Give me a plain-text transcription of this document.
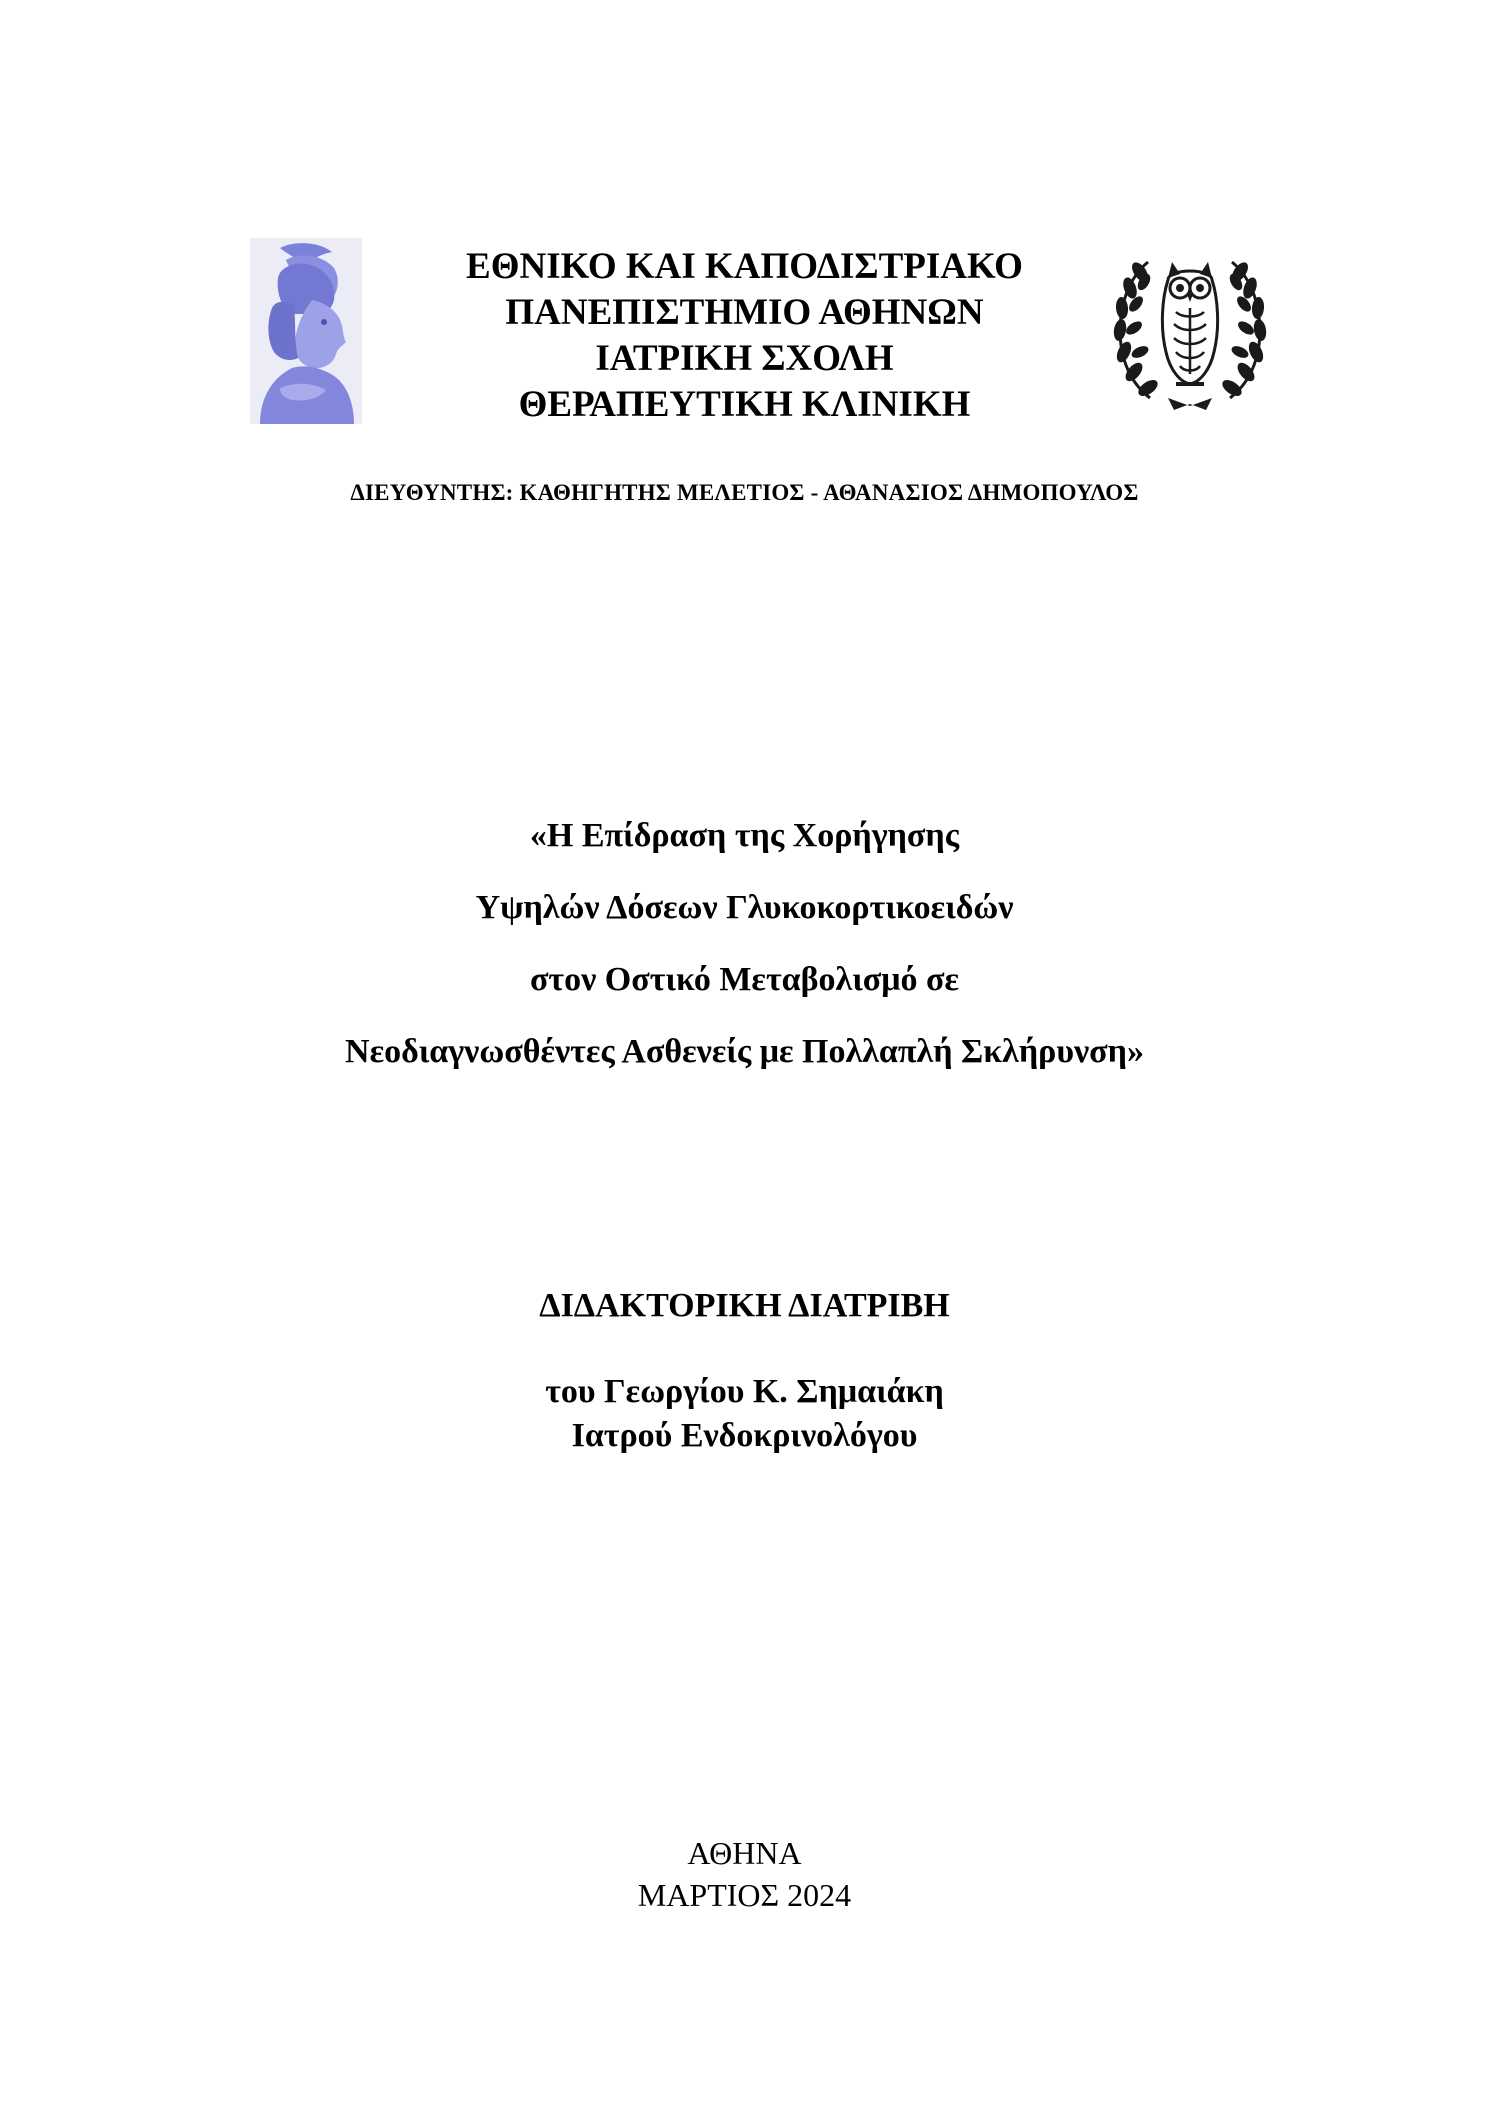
ΕΘΝΙΚΟ ΚΑΙ ΚΑΠΟΔΙΣΤΡΙΑΚΟ

ΠΑΝΕΠΙΣΤΗΜΙΟ ΑΘΗΝΩΝ

ΙΑΤΡΙΚΗ ΣΧΟΛΗ

ΘΕΡΑΠΕΥΤΙΚΗ ΚΛΙΝΙΚΗ

ΔΙΕΥΘΥΝΤΗΣ: ΚΑΘΗΓΗΤΗΣ ΜΕΛΕΤΙΟΣ - ΑΘΑΝΑΣΙΟΣ ΔΗΜΟΠΟΥΛΟΣ

«Η Επίδραση της Χορήγησης

Υψηλών Δόσεων Γλυκοκορτικοειδών

στον Οστικό Μεταβολισμό σε

Νεοδιαγνωσθέντες Ασθενείς με Πολλαπλή Σκλήρυνση»

ΔΙΔΑΚΤΟΡΙΚΗ ΔΙΑΤΡΙΒΗ

του Γεωργίου Κ. Σημαιάκη

Ιατρού Ενδοκρινολόγου

ΑΘΗΝΑ

ΜΑΡΤΙΟΣ 2024
